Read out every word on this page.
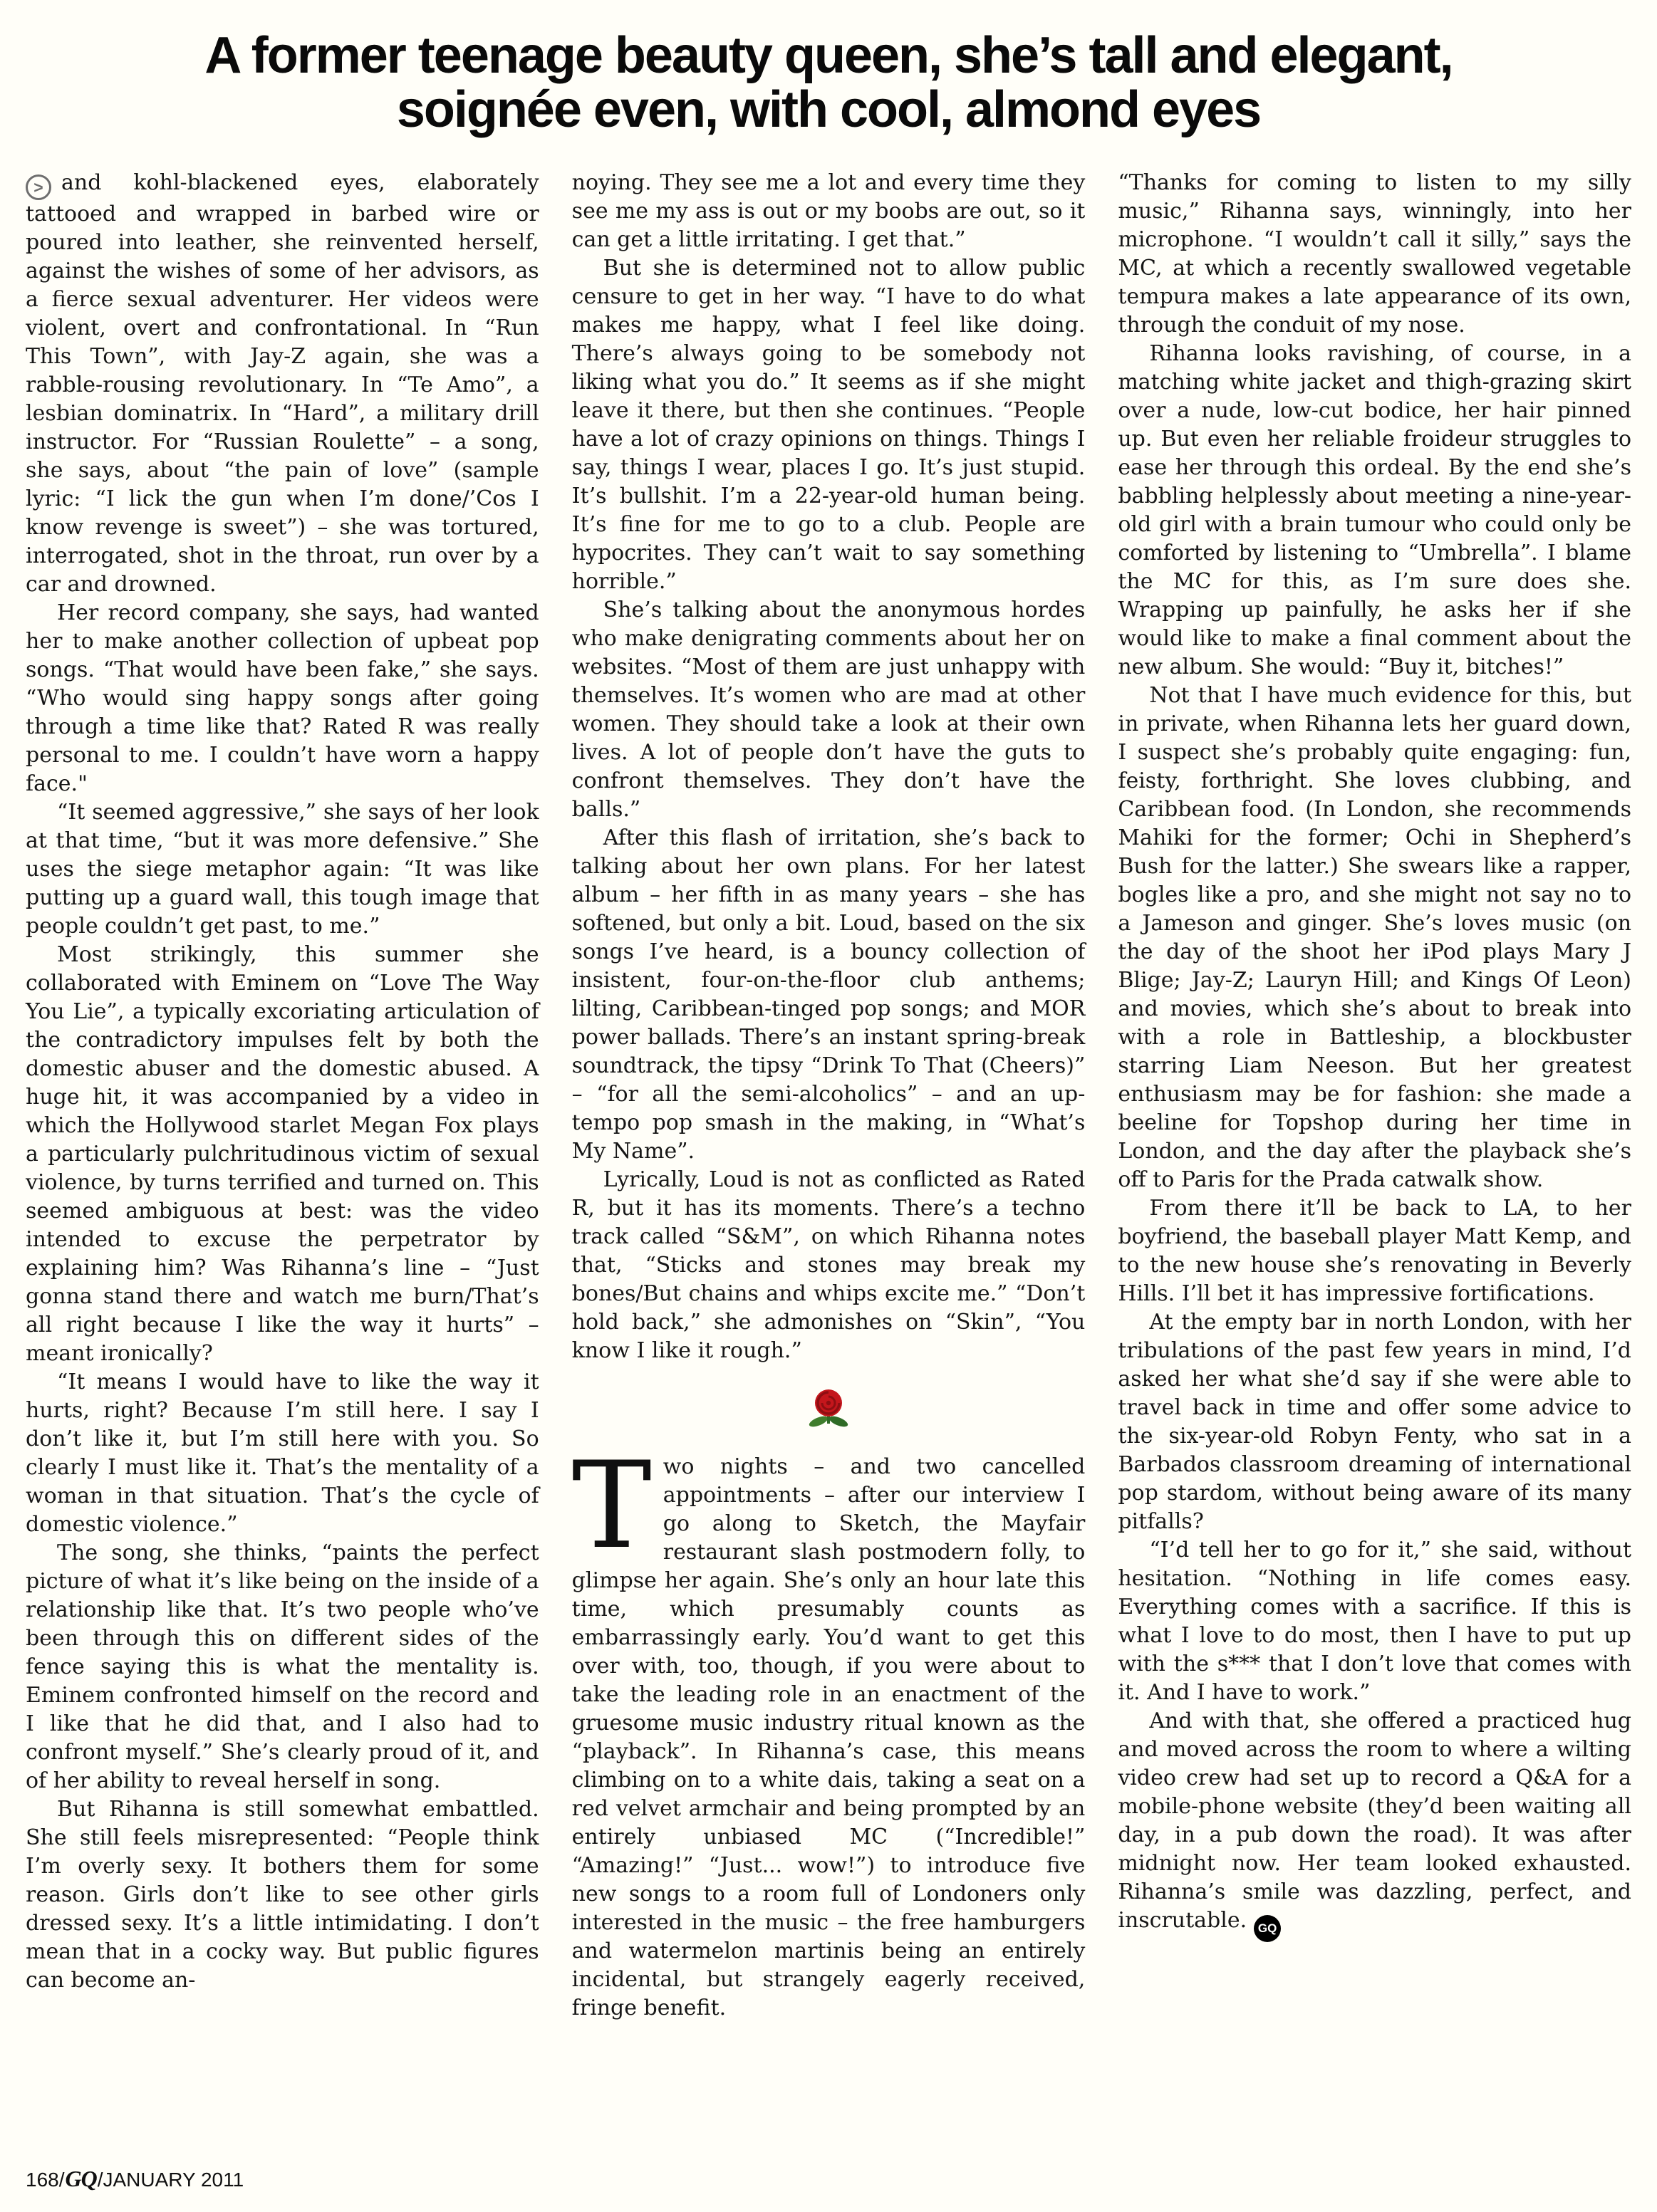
A former teenage beauty queen, she’s tall and elegant,
soignée even, with cool, almond eyes

> and kohl-blackened eyes, elaborately tattooed and wrapped in barbed wire or poured into leather, she reinvented herself, against the wishes of some of her advisors, as a fierce sexual adventurer. Her videos were violent, overt and confrontational. In “Run This Town”, with Jay-Z again, she was a rabble-rousing revolutionary. In “Te Amo”, a lesbian dominatrix. In “Hard”, a military drill instructor. For “Russian Roulette” – a song, she says, about “the pain of love” (sample lyric: “I lick the gun when I’m done/’Cos I know revenge is sweet”) – she was tortured, interrogated, shot in the throat, run over by a car and drowned.

Her record company, she says, had wanted her to make another collection of upbeat pop songs. “That would have been fake,” she says. “Who would sing happy songs after going through a time like that? Rated R was really personal to me. I couldn’t have worn a happy face."

“It seemed aggressive,” she says of her look at that time, “but it was more defensive.” She uses the siege metaphor again: “It was like putting up a guard wall, this tough image that people couldn’t get past, to me.”

Most strikingly, this summer she collaborated with Eminem on “Love The Way You Lie”, a typically excoriating articulation of the contradictory impulses felt by both the domestic abuser and the domestic abused. A huge hit, it was accompanied by a video in which the Hollywood starlet Megan Fox plays a particularly pulchritudinous victim of sexual violence, by turns terrified and turned on. This seemed ambiguous at best: was the video intended to excuse the perpetrator by explaining him? Was Rihanna’s line – “Just gonna stand there and watch me burn/That’s all right because I like the way it hurts” – meant ironically?

“It means I would have to like the way it hurts, right? Because I’m still here. I say I don’t like it, but I’m still here with you. So clearly I must like it. That’s the mentality of a woman in that situation. That’s the cycle of domestic violence.”

The song, she thinks, “paints the perfect picture of what it’s like being on the inside of a relationship like that. It’s two people who’ve been through this on different sides of the fence saying this is what the mentality is. Eminem confronted himself on the record and I like that he did that, and I also had to confront myself.” She’s clearly proud of it, and of her ability to reveal herself in song.

But Rihanna is still somewhat embattled. She still feels misrepresented: “People think I’m overly sexy. It bothers them for some reason. Girls don’t like to see other girls dressed sexy. It’s a little intimidating. I don’t mean that in a cocky way. But public figures can become an-

noying. They see me a lot and every time they see me my ass is out or my boobs are out, so it can get a little irritating. I get that.”

But she is determined not to allow public censure to get in her way. “I have to do what makes me happy, what I feel like doing. There’s always going to be somebody not liking what you do.” It seems as if she might leave it there, but then she continues. “People have a lot of crazy opinions on things. Things I say, things I wear, places I go. It’s just stupid. It’s bullshit. I’m a 22-year-old human being. It’s fine for me to go to a club. People are hypocrites. They can’t wait to say something horrible.”

She’s talking about the anonymous hordes who make denigrating comments about her on websites. “Most of them are just unhappy with themselves. It’s women who are mad at other women. They should take a look at their own lives. A lot of people don’t have the guts to confront themselves. They don’t have the balls.”

After this flash of irritation, she’s back to talking about her own plans. For her latest album – her fifth in as many years – she has softened, but only a bit. Loud, based on the six songs I’ve heard, is a bouncy collection of insistent, four-on-the-floor club anthems; lilting, Caribbean-tinged pop songs; and MOR power ballads. There’s an instant spring-break soundtrack, the tipsy “Drink To That (Cheers)” – “for all the semi-alcoholics” – and an up-tempo pop smash in the making, in “What’s My Name”.

Lyrically, Loud is not as conflicted as Rated R, but it has its moments. There’s a techno track called “S&M”, on which Rihanna notes that, “Sticks and stones may break my bones/But chains and whips excite me.” “Don’t hold back,” she admonishes on “Skin”, “You know I like it rough.”

Two nights – and two cancelled appointments – after our interview I go along to Sketch, the Mayfair restaurant slash postmodern folly, to glimpse her again. She’s only an hour late this time, which presumably counts as embarrassingly early. You’d want to get this over with, too, though, if you were about to take the leading role in an enactment of the gruesome music industry ritual known as the “playback”. In Rihanna’s case, this means climbing on to a white dais, taking a seat on a red velvet armchair and being prompted by an entirely unbiased MC (“Incredible!” “Amazing!” “Just... wow!”) to introduce five new songs to a room full of Londoners only interested in the music – the free hamburgers and watermelon martinis being an entirely incidental, but strangely eagerly received, fringe benefit.

“Thanks for coming to listen to my silly music,” Rihanna says, winningly, into her microphone. “I wouldn’t call it silly,” says the MC, at which a recently swallowed vegetable tempura makes a late appearance of its own, through the conduit of my nose.

Rihanna looks ravishing, of course, in a matching white jacket and thigh-grazing skirt over a nude, low-cut bodice, her hair pinned up. But even her reliable froideur struggles to ease her through this ordeal. By the end she’s babbling helplessly about meeting a nine-year-old girl with a brain tumour who could only be comforted by listening to “Umbrella”. I blame the MC for this, as I’m sure does she. Wrapping up painfully, he asks her if she would like to make a final comment about the new album. She would: “Buy it, bitches!”

Not that I have much evidence for this, but in private, when Rihanna lets her guard down, I suspect she’s probably quite engaging: fun, feisty, forthright. She loves clubbing, and Caribbean food. (In London, she recommends Mahiki for the former; Ochi in Shepherd’s Bush for the latter.) She swears like a rapper, bogles like a pro, and she might not say no to a Jameson and ginger. She’s loves music (on the day of the shoot her iPod plays Mary J Blige; Jay-Z; Lauryn Hill; and Kings Of Leon) and movies, which she’s about to break into with a role in Battleship, a blockbuster starring Liam Neeson. But her greatest enthusiasm may be for fashion: she made a beeline for Topshop during her time in London, and the day after the playback she’s off to Paris for the Prada catwalk show.

From there it’ll be back to LA, to her boyfriend, the baseball player Matt Kemp, and to the new house she’s renovating in Beverly Hills. I’ll bet it has impressive fortifications.

At the empty bar in north London, with her tribulations of the past few years in mind, I’d asked her what she’d say if she were able to travel back in time and offer some advice to the six-year-old Robyn Fenty, who sat in a Barbados classroom dreaming of international pop stardom, without being aware of its many pitfalls?

“I’d tell her to go for it,” she said, without hesitation. “Nothing in life comes easy. Everything comes with a sacrifice. If this is what I love to do most, then I have to put up with the s*** that I don’t love that comes with it. And I have to work.”

And with that, she offered a practiced hug and moved across the room to where a wilting video crew had set up to record a Q&A for a mobile-phone website (they’d been waiting all day, in a pub down the road). It was after midnight now. Her team looked exhausted. Rihanna’s smile was dazzling, perfect, and inscrutable. GQ

168/ GQ /JANUARY 2011
